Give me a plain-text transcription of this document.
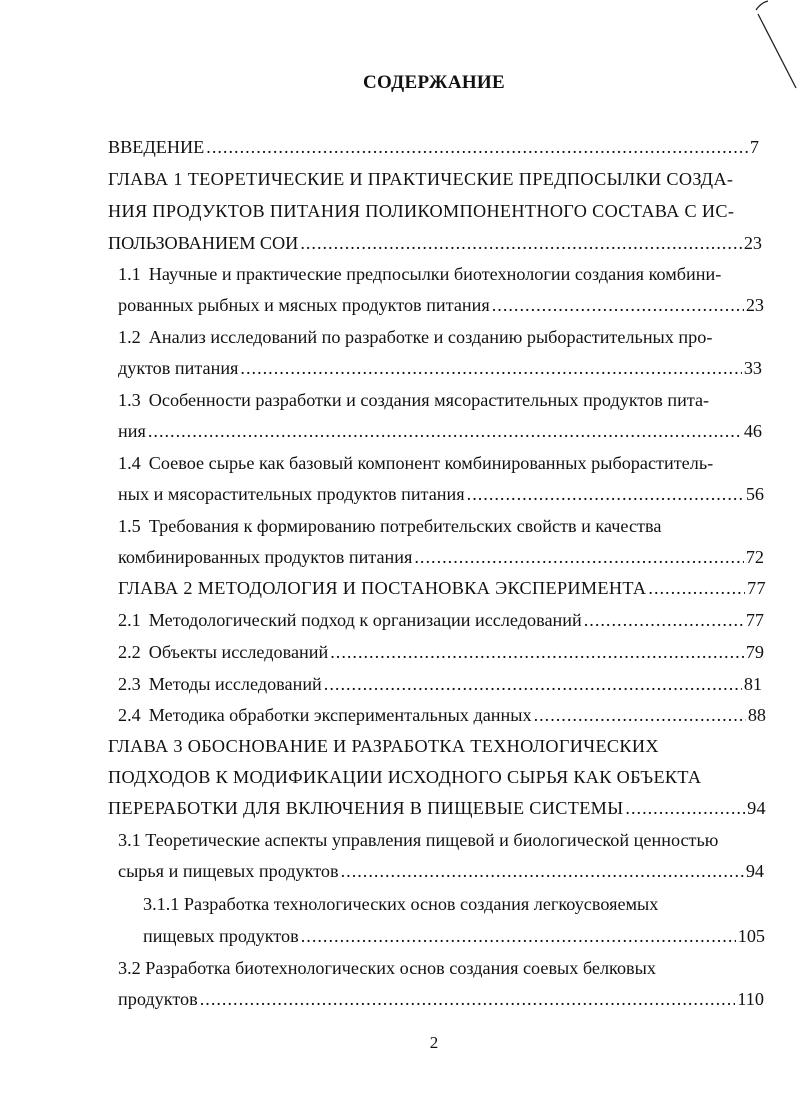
СОДЕРЖАНИЕ
ВВЕДЕНИЕ .....	7
ГЛАВА 1 ТЕОРЕТИЧЕСКИЕ И ПРАКТИЧЕСКИЕ ПРЕДПОСЫЛКИ СОЗДА-
НИЯ ПРОДУКТОВ ПИТАНИЯ ПОЛИКОМПОНЕНТНОГО СОСТАВА С ИС-
ПОЛЬЗОВАНИЕМ СОИ .....	23
1.1 Научные и практические предпосылки биотехнологии создания комбини-
рованных рыбных и мясных продуктов питания .....	23
1.2 Анализ исследований по разработке и созданию рыборастительных про-
дуктов питания .....	33
1.3 Особенности разработки и создания мясорастительных продуктов пита-
ния .....	46
1.4 Соевое сырье как базовый компонент комбинированных рыбораститель-
ных и мясорастительных продуктов питания .....	56
1.5 Требования к формированию потребительских свойств и качества
комбинированных продуктов питания .....	72
ГЛАВА 2 МЕТОДОЛОГИЯ И ПОСТАНОВКА ЭКСПЕРИМЕНТА .....	77
2.1 Методологический подход к организации исследований .....	77
2.2 Объекты исследований .....	79
2.3 Методы исследований .....	81
2.4 Методика обработки экспериментальных данных .....	88
ГЛАВА 3 ОБОСНОВАНИЕ И РАЗРАБОТКА ТЕХНОЛОГИЧЕСКИХ
ПОДХОДОВ К МОДИФИКАЦИИ ИСХОДНОГО СЫРЬЯ КАК ОБЪЕКТА
ПЕРЕРАБОТКИ ДЛЯ ВКЛЮЧЕНИЯ В ПИЩЕВЫЕ СИСТЕМЫ .....	94
3.1 Теоретические аспекты управления пищевой и биологической ценностью
сырья и пищевых продуктов .....	94
3.1.1 Разработка технологических основ создания легкоусвояемых
пищевых продуктов .....	105
3.2 Разработка биотехнологических основ создания соевых белковых
продуктов .....	110
2
